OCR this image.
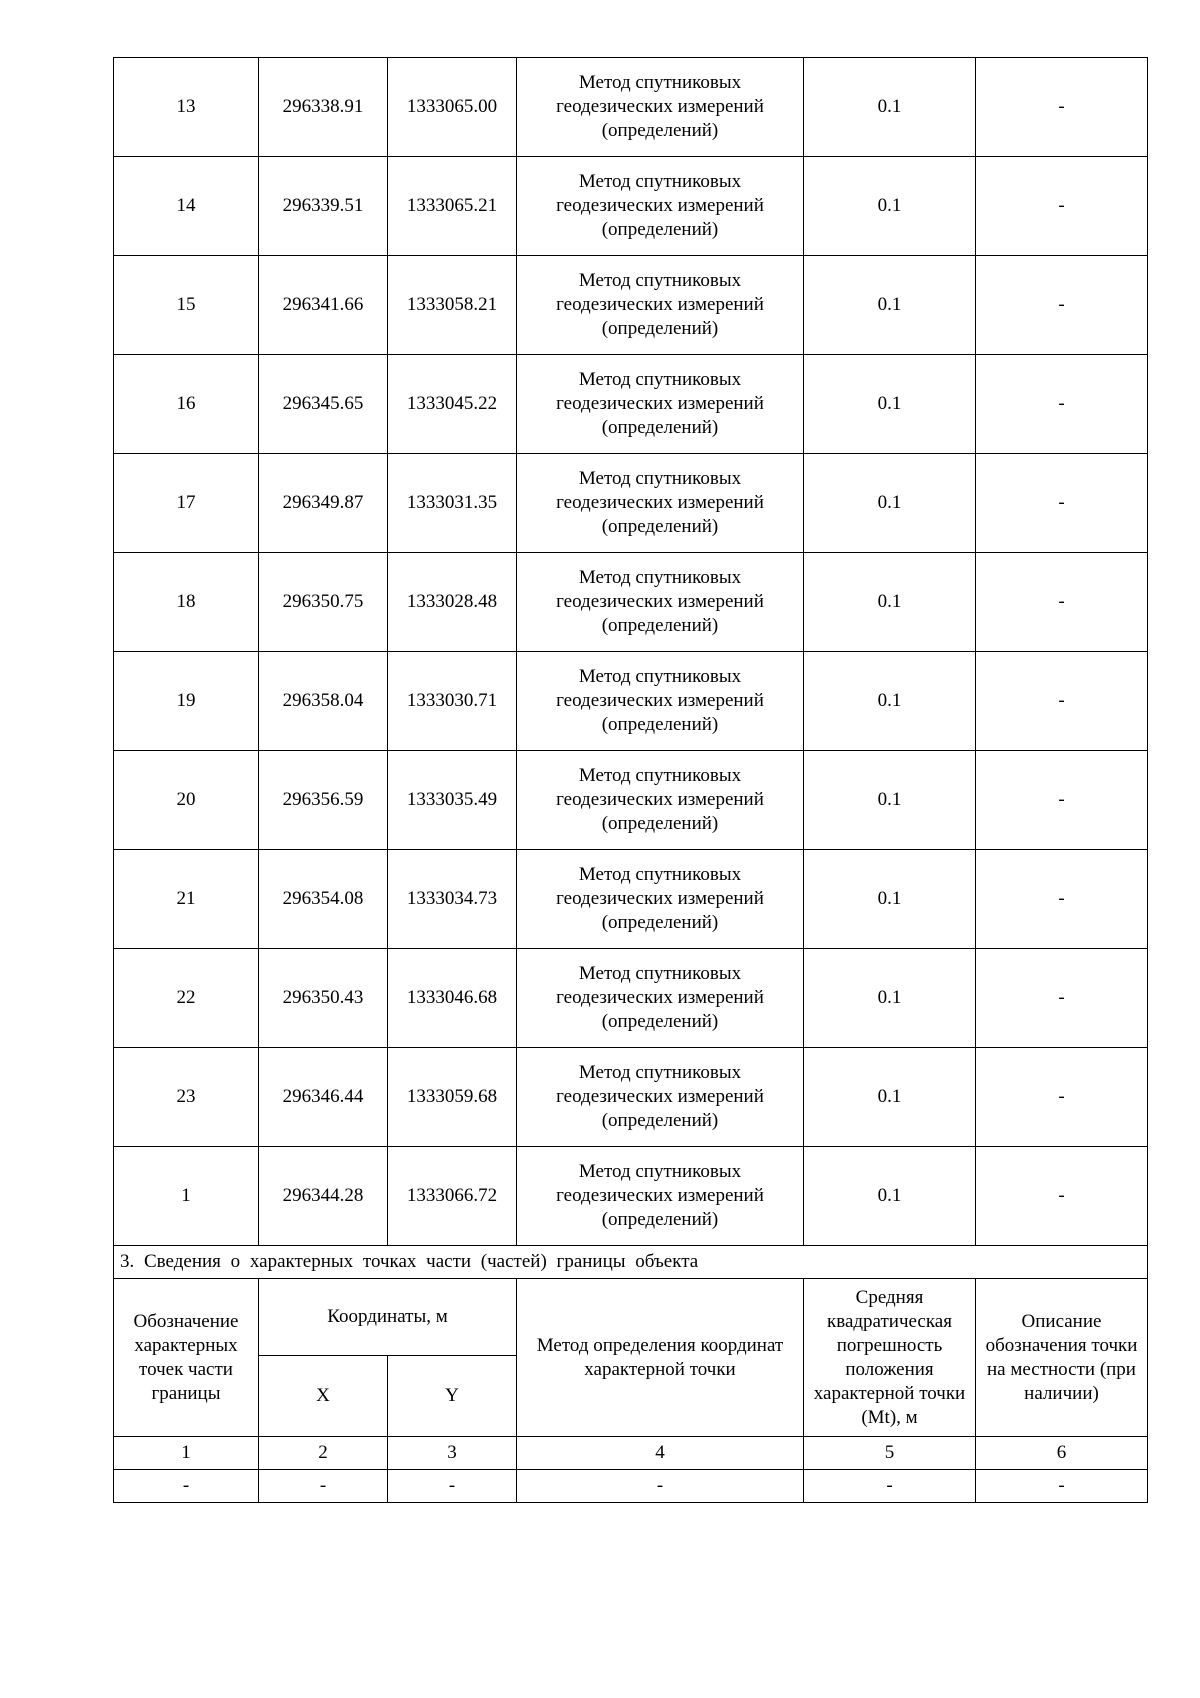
13	296338.91	1333065.00	Метод спутниковых геодезических измерений (определений)	0.1	-
14	296339.51	1333065.21	Метод спутниковых геодезических измерений (определений)	0.1	-
15	296341.66	1333058.21	Метод спутниковых геодезических измерений (определений)	0.1	-
16	296345.65	1333045.22	Метод спутниковых геодезических измерений (определений)	0.1	-
17	296349.87	1333031.35	Метод спутниковых геодезических измерений (определений)	0.1	-
18	296350.75	1333028.48	Метод спутниковых геодезических измерений (определений)	0.1	-
19	296358.04	1333030.71	Метод спутниковых геодезических измерений (определений)	0.1	-
20	296356.59	1333035.49	Метод спутниковых геодезических измерений (определений)	0.1	-
21	296354.08	1333034.73	Метод спутниковых геодезических измерений (определений)	0.1	-
22	296350.43	1333046.68	Метод спутниковых геодезических измерений (определений)	0.1	-
23	296346.44	1333059.68	Метод спутниковых геодезических измерений (определений)	0.1	-
1	296344.28	1333066.72	Метод спутниковых геодезических измерений (определений)	0.1	-
3. Сведения о характерных точках части (частей) границы объекта					
Обозначение характерных точек части границы	Координаты, м		Метод определения координат характерной точки	Средняя квадратическая погрешность положения характерной точки (Mt), м	Описание обозначения точки на местности (при наличии)
	X	Y			
1	2	3	4	5	6
-	-	-	-	-	-
